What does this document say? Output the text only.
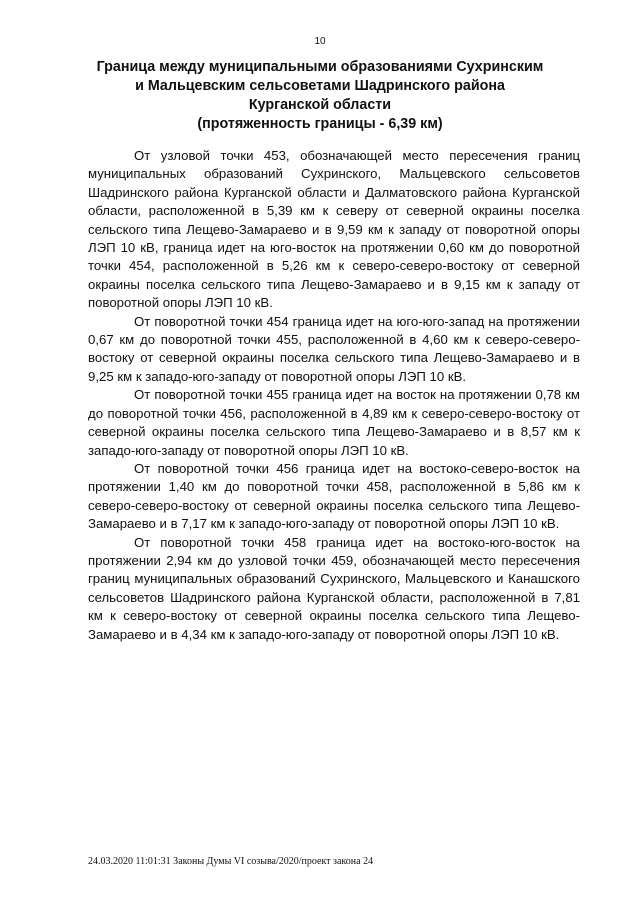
10
Граница между муниципальными образованиями Сухринским
и Мальцевским сельсоветами Шадринского района
Курганской области
(протяженность границы - 6,39 км)

От узловой точки 453, обозначающей место пересечения границ муниципальных образований Сухринского, Мальцевского сельсоветов Шадринского района Курганской области и Далматовского района Курганской области, расположенной в 5,39 км к северу от северной окраины поселка сельского типа Лещево-Замараево и в 9,59 км к западу от поворотной опоры ЛЭП 10 кВ, граница идет на юго-восток на протяжении 0,60 км до поворотной точки 454, расположенной в 5,26 км к северо-северо-востоку от северной окраины поселка сельского типа Лещево-Замараево и в 9,15 км к западу от поворотной опоры ЛЭП 10 кВ.

От поворотной точки 454 граница идет на юго-юго-запад на протяжении 0,67 км до поворотной точки 455, расположенной в 4,60 км к северо-северо-востоку от северной окраины поселка сельского типа Лещево-Замараево и в 9,25 км к западо-юго-западу от поворотной опоры ЛЭП 10 кВ.

От поворотной точки 455 граница идет на восток на протяжении 0,78 км до поворотной точки 456, расположенной в 4,89 км к северо-северо-востоку от северной окраины поселка сельского типа Лещево-Замараево и в 8,57 км к западо-юго-западу от поворотной опоры ЛЭП 10 кВ.

От поворотной точки 456 граница идет на востоко-северо-восток на протяжении 1,40 км до поворотной точки 458, расположенной в 5,86 км к северо-северо-востоку от северной окраины поселка сельского типа Лещево-Замараево и в 7,17 км к западо-юго-западу от поворотной опоры ЛЭП 10 кВ.

От поворотной точки 458 граница идет на востоко-юго-восток на протяжении 2,94 км до узловой точки 459, обозначающей место пересечения границ муниципальных образований Сухринского, Мальцевского и Канашского сельсоветов Шадринского района Курганской области, расположенной в 7,81 км к северо-востоку от северной окраины поселка сельского типа Лещево-Замараево и в 4,34 км к западо-юго-западу от поворотной опоры ЛЭП 10 кВ.

24.03.2020 11:01:31 Законы Думы VI созыва/2020/проект закона 24
